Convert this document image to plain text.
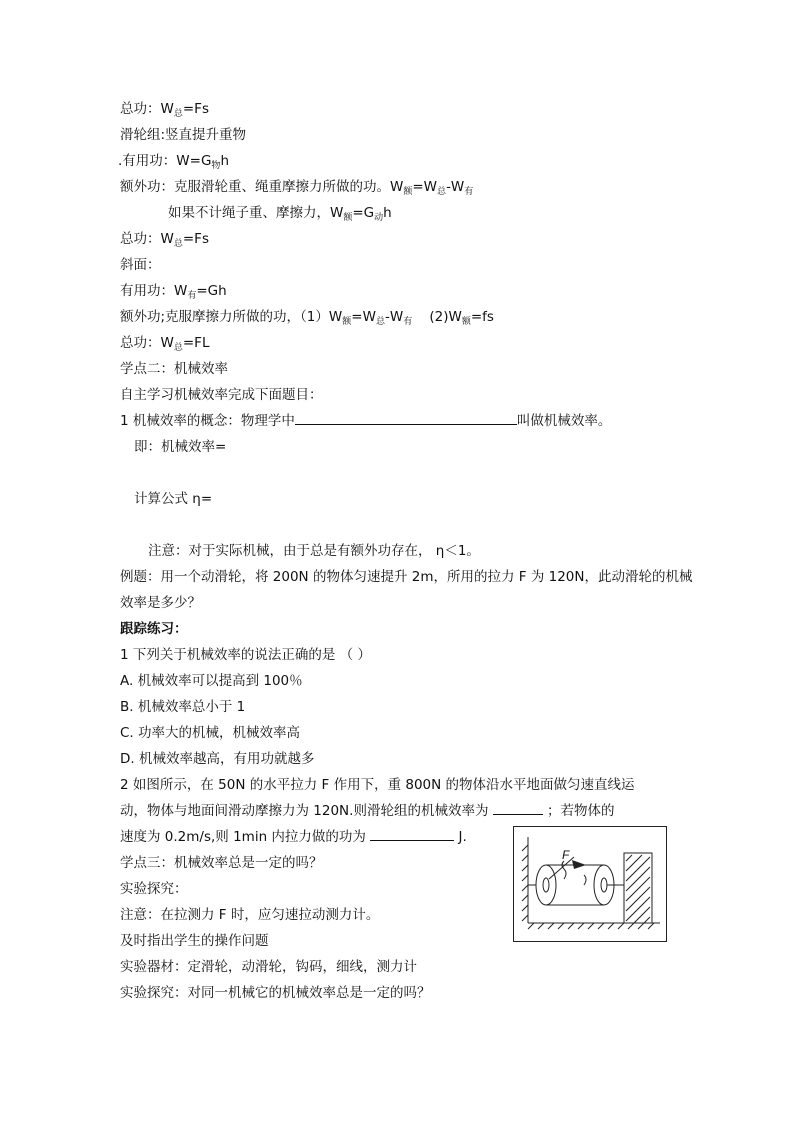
总功：$W_总=Fs$
滑轮组:竖直提升重物
.有用功：$W=G_物h$
额外功：克服滑轮重、绳重摩擦力所做的功。$W_额=W_总-W_有$
如果不计绳子重、摩擦力，$W_额=G_动h$
总功：$W_总=Fs$
斜面：
有用功：$W_有=Gh$
额外功;克服摩擦力所做的功，$(1)W_额=W_总-W_有$    $(2)W_额=fs$
总功：$W_总=FL$
学点二：机械效率
自主学习机械效率完成下面题目：
1 机械效率的概念：物理学中	叫做机械效率。
即：机械效率=
计算公式 η=
注意：对于实际机械，由于总是有额外功存在， η＜1。
例题：用一个动滑轮，将 200N 的物体匀速提升 2m，所用的拉力 F 为 120N，此动滑轮的机械
效率是多少？
跟踪练习：
1 下列关于机械效率的说法正确的是 （ ）
A. 机械效率可以提高到 100％
B. 机械效率总小于 1
C. 功率大的机械，机械效率高
D. 机械效率越高，有用功就越多
2 如图所示，在 50N 的水平拉力 F 作用下，重 800N 的物体沿水平地面做匀速直线运
动，物体与地面间滑动摩擦力为 120N.则滑轮组的机械效率为	；若物体的
速度为 0.2m/s,则 1min 内拉力做的功为	J.
学点三：机械效率总是一定的吗？
实验探究：
注意：在拉测力 F 时，应匀速拉动测力计。
及时指出学生的操作问题
实验器材：定滑轮，动滑轮，钩码，细线，测力计
实验探究：对同一机械它的机械效率总是一定的吗？
F
